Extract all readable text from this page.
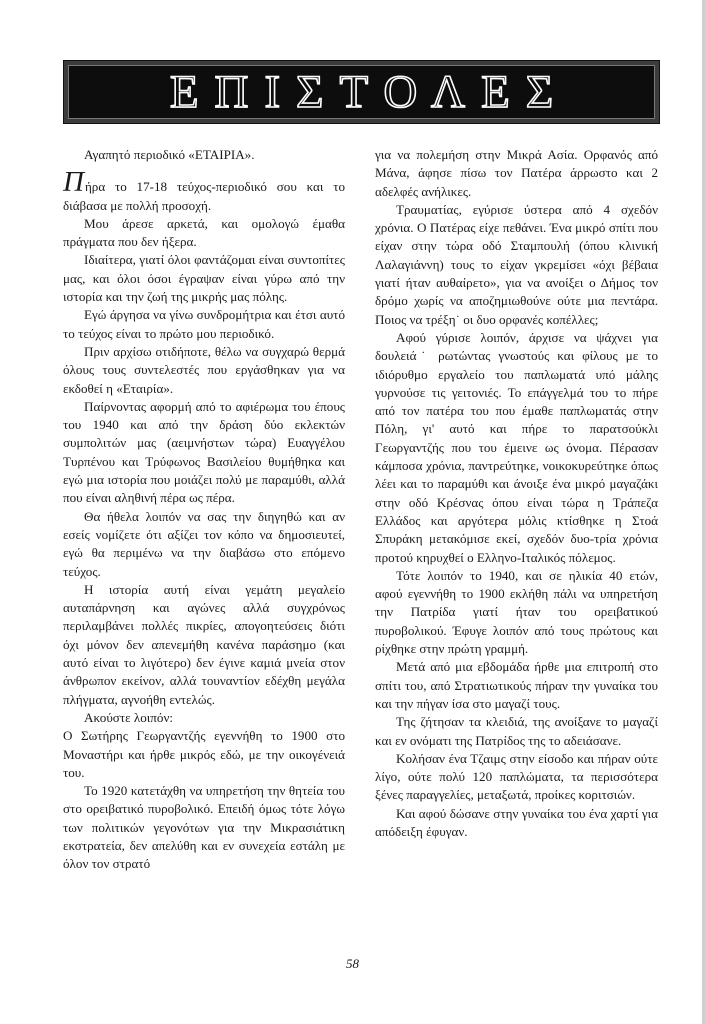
ΕΠΙΣΤΟΛΕΣ

Αγαπητό περιοδικό «ΕΤΑΙΡΙΑ».

Πήρα το 17-18 τεύχος-περιοδικό σου και το διάβασα με πολλή προσοχή.

Μου άρεσε αρκετά, και ομολογώ έμαθα πράγματα που δεν ήξερα.

Ιδιαίτερα, γιατί όλοι φαντάζομαι είναι συντοπίτες μας, και όλοι όσοι έγραψαν είναι γύρω από την ιστορία και την ζωή της μικρής μας πόλης.

Εγώ άργησα να γίνω συνδρομήτρια και έτσι αυτό το τεύχος είναι το πρώτο μου περιοδικό.

Πριν αρχίσω οτιδήποτε, θέλω να συγχαρώ θερμά όλους τους συντελεστές που εργάσθηκαν για να εκδοθεί η «Εταιρία».

Παίρνοντας αφορμή από το αφιέρωμα του έπους του 1940 και από την δράση δύο εκλεκτών συμπολιτών μας (αειμνήστων τώρα) Ευαγγέλου Τυρπένου και Τρύφωνος Βασιλείου θυμήθηκα και εγώ μια ιστορία που μοιάζει πολύ με παραμύθι, αλλά που είναι αληθινή πέρα ως πέρα.

Θα ήθελα λοιπόν να σας την διηγηθώ και αν εσείς νομίζετε ότι αξίζει τον κόπο να δημοσιευτεί, εγώ θα περιμένω να την διαβάσω στο επόμενο τεύχος.

Η ιστορία αυτή είναι γεμάτη μεγαλείο αυταπάρνηση και αγώνες αλλά συγχρόνως περιλαμβάνει πολλές πικρίες, απογοητεύσεις διότι όχι μόνον δεν απενεμήθη κανένα παράσημο (και αυτό είναι το λιγότερο) δεν έγινε καμιά μνεία στον άνθρωπον εκείνον, αλλά τουναντίον εδέχθη μεγάλα πλήγματα, αγνοήθη εντελώς.

Ακούστε λοιπόν:

Ο Σωτήρης Γεωργαντζής εγεννήθη το 1900 στο Μοναστήρι και ήρθε μικρός εδώ, με την οικογένειά του.

Το 1920 κατετάχθη να υπηρετήση την θητεία του στο ορειβατικό πυροβολικό. Επειδή όμως τότε λόγω των πολιτικών γεγονότων για την Μικρασιάτικη εκστρατεία, δεν απελύθη και εν συνεχεία εστάλη με όλον τον στρατό

για να πολεμήση στην Μικρά Ασία. Ορφανός από Μάνα, άφησε πίσω τον Πατέρα άρρωστο και 2 αδελφές ανήλικες.

Τραυματίας, εγύρισε ύστερα από 4 σχεδόν χρόνια. Ο Πατέρας είχε πεθάνει. Ένα μικρό σπίτι που είχαν στην τώρα οδό Σταμπουλή (όπου κλινική Λαλαγιάννη) τους το είχαν γκρεμίσει «όχι βέβαια γιατί ήταν αυθαίρετο», για να ανοίξει ο Δήμος τον δρόμο χωρίς να αποζημιωθούνε ούτε μια πεντάρα. Ποιος να τρέξη˙ οι δυο ορφανές κοπέλλες;

Αφού γύρισε λοιπόν, άρχισε να ψάχνει για δουλειά˙ ρωτώντας γνωστούς και φίλους με το ιδιόρυθμο εργαλείο του παπλωματά υπό μάλης γυρνούσε τις γειτονιές. Το επάγγελμά του το πήρε από τον πατέρα του που έμαθε παπλωματάς στην Πόλη, γι' αυτό και πήρε το παρατσούκλι Γεωργαντζής που του έμεινε ως όνομα. Πέρασαν κάμποσα χρόνια, παντρεύτηκε, νοικοκυρεύτηκε όπως λέει και το παραμύθι και άνοιξε ένα μικρό μαγαζάκι στην οδό Κρέσνας όπου είναι τώρα η Τράπεζα Ελλάδος και αργότερα μόλις κτίσθηκε η Στοά Σπυράκη μετακόμισε εκεί, σχεδόν δυο-τρία χρόνια προτού κηρυχθεί ο Ελληνο-Ιταλικός πόλεμος.

Τότε λοιπόν το 1940, και σε ηλικία 40 ετών, αφού εγεννήθη το 1900 εκλήθη πάλι να υπηρετήση την Πατρίδα γιατί ήταν του ορειβατικού πυροβολικού. Έφυγε λοιπόν από τους πρώτους και ρίχθηκε στην πρώτη γραμμή.

Μετά από μια εβδομάδα ήρθε μια επιτροπή στο σπίτι του, από Στρατιωτικούς πήραν την γυναίκα του και την πήγαν ίσα στο μαγαζί τους.

Της ζήτησαν τα κλειδιά, της ανοίξανε το μαγαζί και εν ονόματι της Πατρίδος της το αδειάσανε.

Κολήσαν ένα Τζαιμς στην είσοδο και πήραν ούτε λίγο, ούτε πολύ 120 παπλώματα, τα περισσότερα ξένες παραγγελίες, μεταξωτά, προίκες κοριτσιών.

Και αφού δώσανε στην γυναίκα του ένα χαρτί για απόδειξη έφυγαν.

58
